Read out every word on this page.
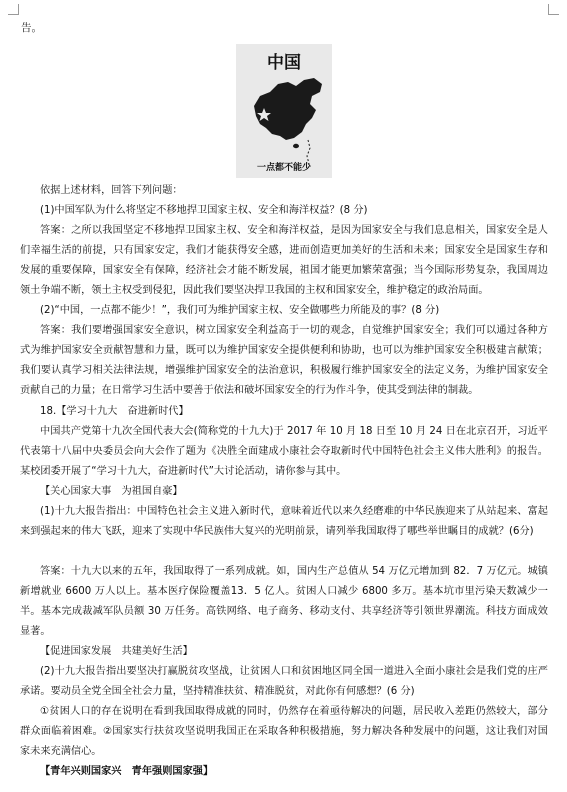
告。
中国
一点都不能少

依据上述材料，回答下列问题：

(1)中国军队为什么将坚定不移地捍卫国家主权、安全和海洋权益？(8 分)

答案：之所以我国坚定不移地捍卫国家主权、安全和海洋权益，是因为国家安全与我们息息相关，国家安全是人们幸福生活的前提，只有国家安定，我们才能获得安全感，进而创造更加美好的生活和未来；国家安全是国家生存和发展的重要保障，国家安全有保障，经济社会才能不断发展，祖国才能更加繁荣富强；当今国际形势复杂，我国周边领土争端不断，领土主权受到侵犯，因此我们要坚决捍卫我国的主权和国家安全，维护稳定的政治局面。

(2)“中国，一点都不能少！”，我们可为维护国家主权、安全做哪些力所能及的事？(8 分)

答案：我们要增强国家安全意识，树立国家安全利益高于一切的观念，自觉维护国家安全；我们可以通过各种方式为维护国家安全贡献智慧和力量，既可以为维护国家安全提供便利和协助，也可以为维护国家安全积极建言献策；我们要认真学习相关法律法规，增强维护国家安全的法治意识，积极履行维护国家安全的法定义务，为维护国家安全贡献自己的力量；在日常学习生活中要善于依法和破坏国家安全的行为作斗争，使其受到法律的制裁。

18.【学习十九大　奋进新时代】

中国共产党第十九次全国代表大会(简称党的十九大)于 2017 年 10 月 18 日至 10 月 24 日在北京召开，习近平代表第十八届中央委员会向大会作了题为《决胜全面建成小康社会夺取新时代中国特色社会主义伟大胜利》的报告。某校团委开展了“学习十九大，奋进新时代”大讨论活动，请你参与其中。

【关心国家大事　为祖国自豪】

(1)十九大报告指出：中国特色社会主义进入新时代，意味着近代以来久经磨难的中华民族迎来了从站起来、富起来到强起来的伟大飞跃，迎来了实现中华民族伟大复兴的光明前景，请列举我国取得了哪些举世瞩目的成就？(6分)

答案：十九大以来的五年，我国取得了一系列成就。如，国内生产总值从 54 万亿元增加到 82．7 万亿元。城镇新增就业 6600 万人以上。基本医疗保险覆盖13．5 亿人。贫困人口减少 6800 多万。基本坑市里污染天数减少一半。基本完成裁减军队员额 30 万任务。高铁网络、电子商务、移动支付、共享经济等引领世界潮流。科技方面成效显著。

【促进国家发展　共建美好生活】

(2)十九大报告指出要坚决打赢脱贫攻坚战，让贫困人口和贫困地区同全国一道进入全面小康社会是我们党的庄严承诺。要动员全党全国全社会力量，坚持精准扶贫、精准脱贫，对此你有何感想？(6 分)

①贫困人口的存在说明在看到我国取得成就的同时，仍然存在着亟待解决的问题，居民收入差距仍然较大，部分群众面临着困难。②国家实行扶贫攻坚说明我国正在采取各种积极措施，努力解决各种发展中的问题，这让我们对国家未来充满信心。

【青年兴则国家兴　青年强则国家强】
